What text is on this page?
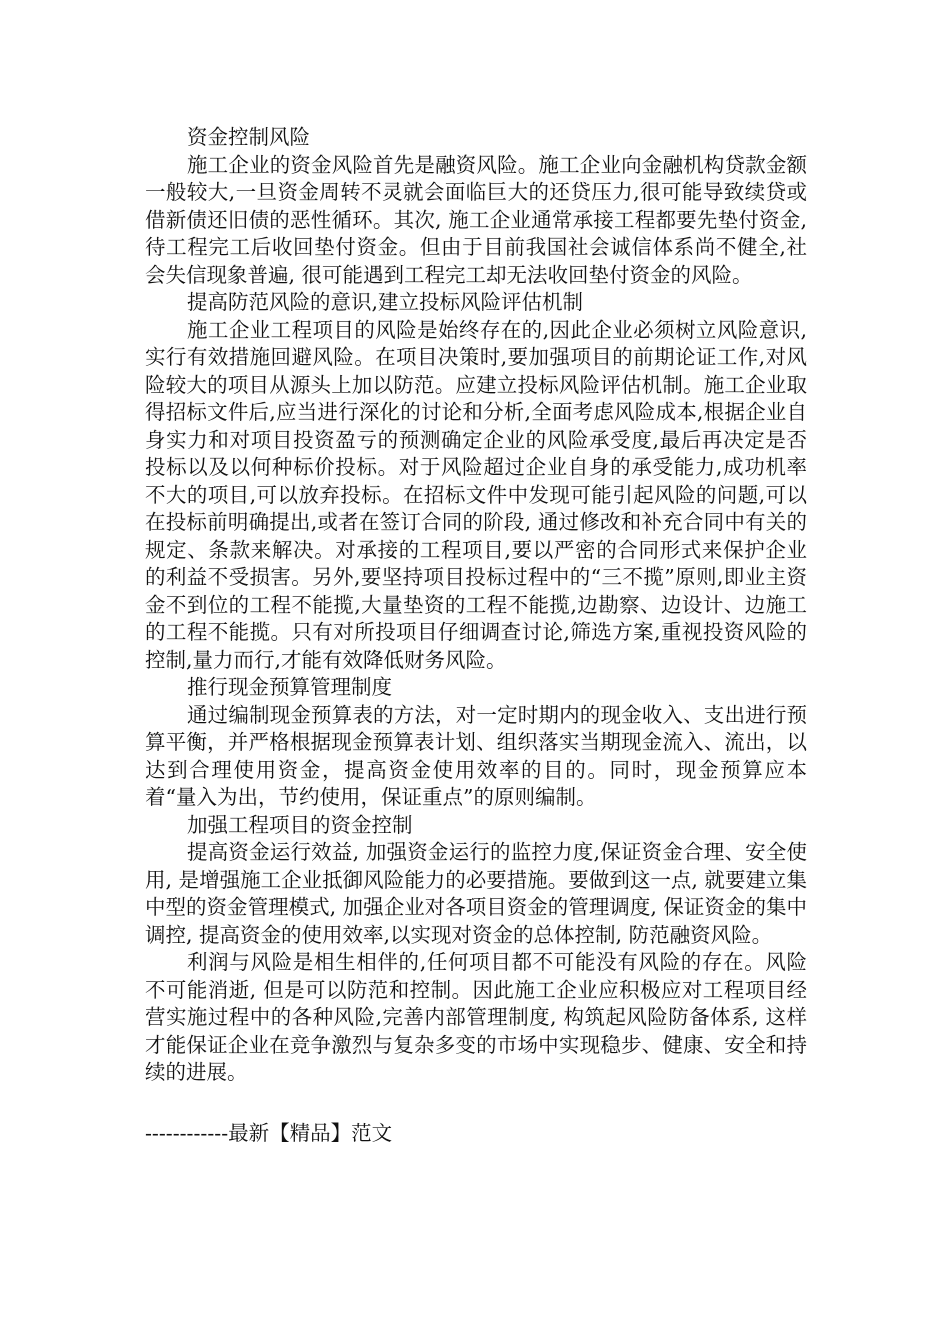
资金控制风险

施工企业的资金风险首先是融资风险。施工企业向金融机构贷款金额一般较大,一旦资金周转不灵就会面临巨大的还贷压力,很可能导致续贷或借新债还旧债的恶性循环。其次, 施工企业通常承接工程都要先垫付资金,待工程完工后收回垫付资金。但由于目前我国社会诚信体系尚不健全,社会失信现象普遍, 很可能遇到工程完工却无法收回垫付资金的风险。

提高防范风险的意识,建立投标风险评估机制

施工企业工程项目的风险是始终存在的,因此企业必须树立风险意识,实行有效措施回避风险。在项目决策时,要加强项目的前期论证工作,对风险较大的项目从源头上加以防范。应建立投标风险评估机制。施工企业取得招标文件后,应当进行深化的讨论和分析,全面考虑风险成本,根据企业自身实力和对项目投资盈亏的预测确定企业的风险承受度,最后再决定是否投标以及以何种标价投标。对于风险超过企业自身的承受能力,成功机率不大的项目,可以放弃投标。在招标文件中发现可能引起风险的问题,可以在投标前明确提出,或者在签订合同的阶段, 通过修改和补充合同中有关的规定、条款来解决。对承接的工程项目,要以严密的合同形式来保护企业的利益不受损害。另外,要坚持项目投标过程中的“三不揽”原则,即业主资金不到位的工程不能揽,大量垫资的工程不能揽,边勘察、边设计、边施工的工程不能揽。只有对所投项目仔细调查讨论,筛选方案,重视投资风险的控制,量力而行,才能有效降低财务风险。

推行现金预算管理制度

通过编制现金预算表的方法，对一定时期内的现金收入、支出进行预算平衡，并严格根据现金预算表计划、组织落实当期现金流入、流出，以达到合理使用资金，提高资金使用效率的目的。同时，现金预算应本着“量入为出，节约使用，保证重点”的原则编制。

加强工程项目的资金控制

提高资金运行效益, 加强资金运行的监控力度,保证资金合理、安全使用, 是增强施工企业抵御风险能力的必要措施。要做到这一点, 就要建立集中型的资金管理模式, 加强企业对各项目资金的管理调度, 保证资金的集中调控, 提高资金的使用效率,以实现对资金的总体控制, 防范融资风险。

利润与风险是相生相伴的,任何项目都不可能没有风险的存在。风险不可能消逝, 但是可以防范和控制。因此施工企业应积极应对工程项目经营实施过程中的各种风险,完善内部管理制度, 构筑起风险防备体系, 这样才能保证企业在竞争激烈与复杂多变的市场中实现稳步、健康、安全和持续的进展。

------------最新【精品】范文
